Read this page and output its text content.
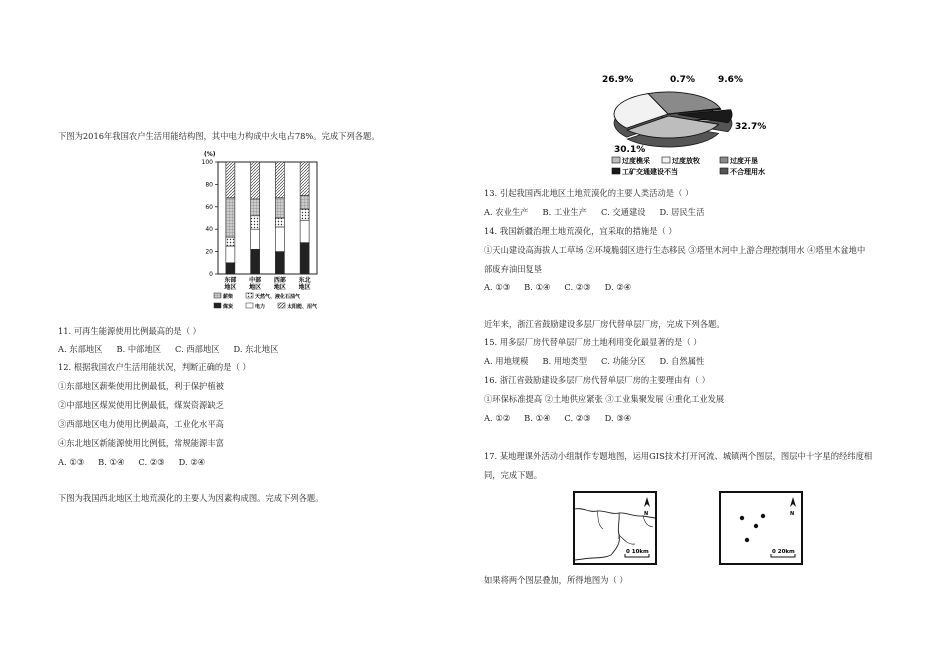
下图为2016年我国农户生活用能结构图，其中电力构成中火电占78%。完成下列各题。
(%)
100
80
60
40
20
0
东部
地区
中部
地区
西部
地区
东北
地区
薪柴	天然气、液化石油气
煤炭	电力	太阳能、沼气
11. 可再生能源使用比例最高的是（ ）
A. 东部地区 B. 中部地区 C. 西部地区 D. 东北地区
12. 根据我国农户生活用能状况，判断正确的是（ ）
①东部地区薪柴使用比例最低，利于保护植被
②中部地区煤炭使用比例最低，煤炭资源缺乏
③西部地区电力使用比例最高，工业化水平高
④东北地区新能源使用比例低，常规能源丰富
A. ①③ B. ①④ C. ②③ D. ②④
下图为我国西北地区土地荒漠化的主要人为因素构成图。完成下列各题。
26.9%	0.7%	9.6%
32.7%
30.1%
过度樵采	过度放牧	过度开垦
工矿交通建设不当	不合理用水
13. 引起我国西北地区土地荒漠化的主要人类活动是（ ）
A. 农业生产 B. 工业生产 C. 交通建设 D. 居民生活
14. 我国新疆治理土地荒漠化，宜采取的措施是（ ）
①天山建设高海拔人工草场 ②环境脆弱区进行生态移民 ③塔里木河中上游合理控制用水 ④塔里木盆地中
部废弃油田复垦
A. ①③ B. ①④ C. ②③ D. ②④
近年来，浙江省鼓励建设多层厂房代替单层厂房，完成下列各题。
15. 用多层厂房代替单层厂房土地利用变化最显著的是（ ）
A. 用地规模 B. 用地类型 C. 功能分区 D. 自然属性
16. 浙江省鼓励建设多层厂房代替单层厂房的主要理由有（ ）
①环保标准提高 ②土地供应紧张 ③工业集聚发展 ④重化工业发展
A. ①② B. ①④ C. ②③ D. ③④
17. 某地理课外活动小组制作专题地图，运用GIS技术打开河流、城镇两个图层，图层中十字星的经纬度相
同，完成下题。
N
0 10km
N
0 20km
如果将两个图层叠加，所得地图为（ ）
